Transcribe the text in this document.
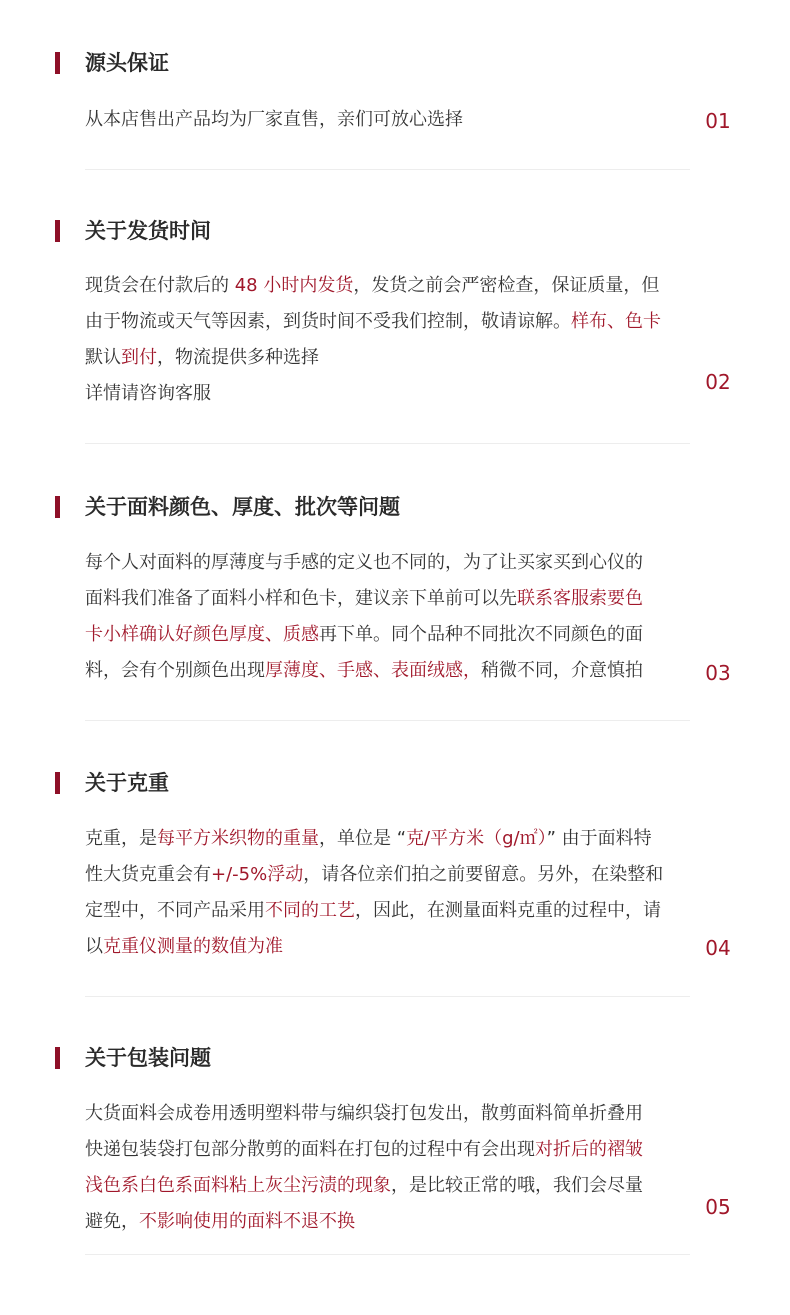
源头保证
从本店售出产品均为厂家直售，亲们可放心选择	01
关于发货时间
现货会在付款后的 48 小时内发货，发货之前会严密检查，保证质量，但
由于物流或天气等因素，到货时间不受我们控制，敬请谅解。样布、色卡
默认到付，物流提供多种选择
详情请咨询客服	02
关于面料颜色、厚度、批次等问题
每个人对面料的厚薄度与手感的定义也不同的，为了让买家买到心仪的
面料我们准备了面料小样和色卡，建议亲下单前可以先联系客服索要色
卡小样确认好颜色厚度、质感再下单。同个品种不同批次不同颜色的面
料，会有个别颜色出现厚薄度、手感、表面绒感，稍微不同，介意慎拍	03
关于克重
克重，是每平方米织物的重量，单位是 “克/平方米（g/㎡）” 由于面料特
性大货克重会有+/-5%浮动，请各位亲们拍之前要留意。另外，在染整和
定型中，不同产品采用不同的工艺，因此，在测量面料克重的过程中，请
以克重仪测量的数值为准	04
关于包装问题
大货面料会成卷用透明塑料带与编织袋打包发出，散剪面料简单折叠用
快递包装袋打包部分散剪的面料在打包的过程中有会出现对折后的褶皱
浅色系白色系面料粘上灰尘污渍的现象，是比较正常的哦，我们会尽量
避免，不影响使用的面料不退不换
05
